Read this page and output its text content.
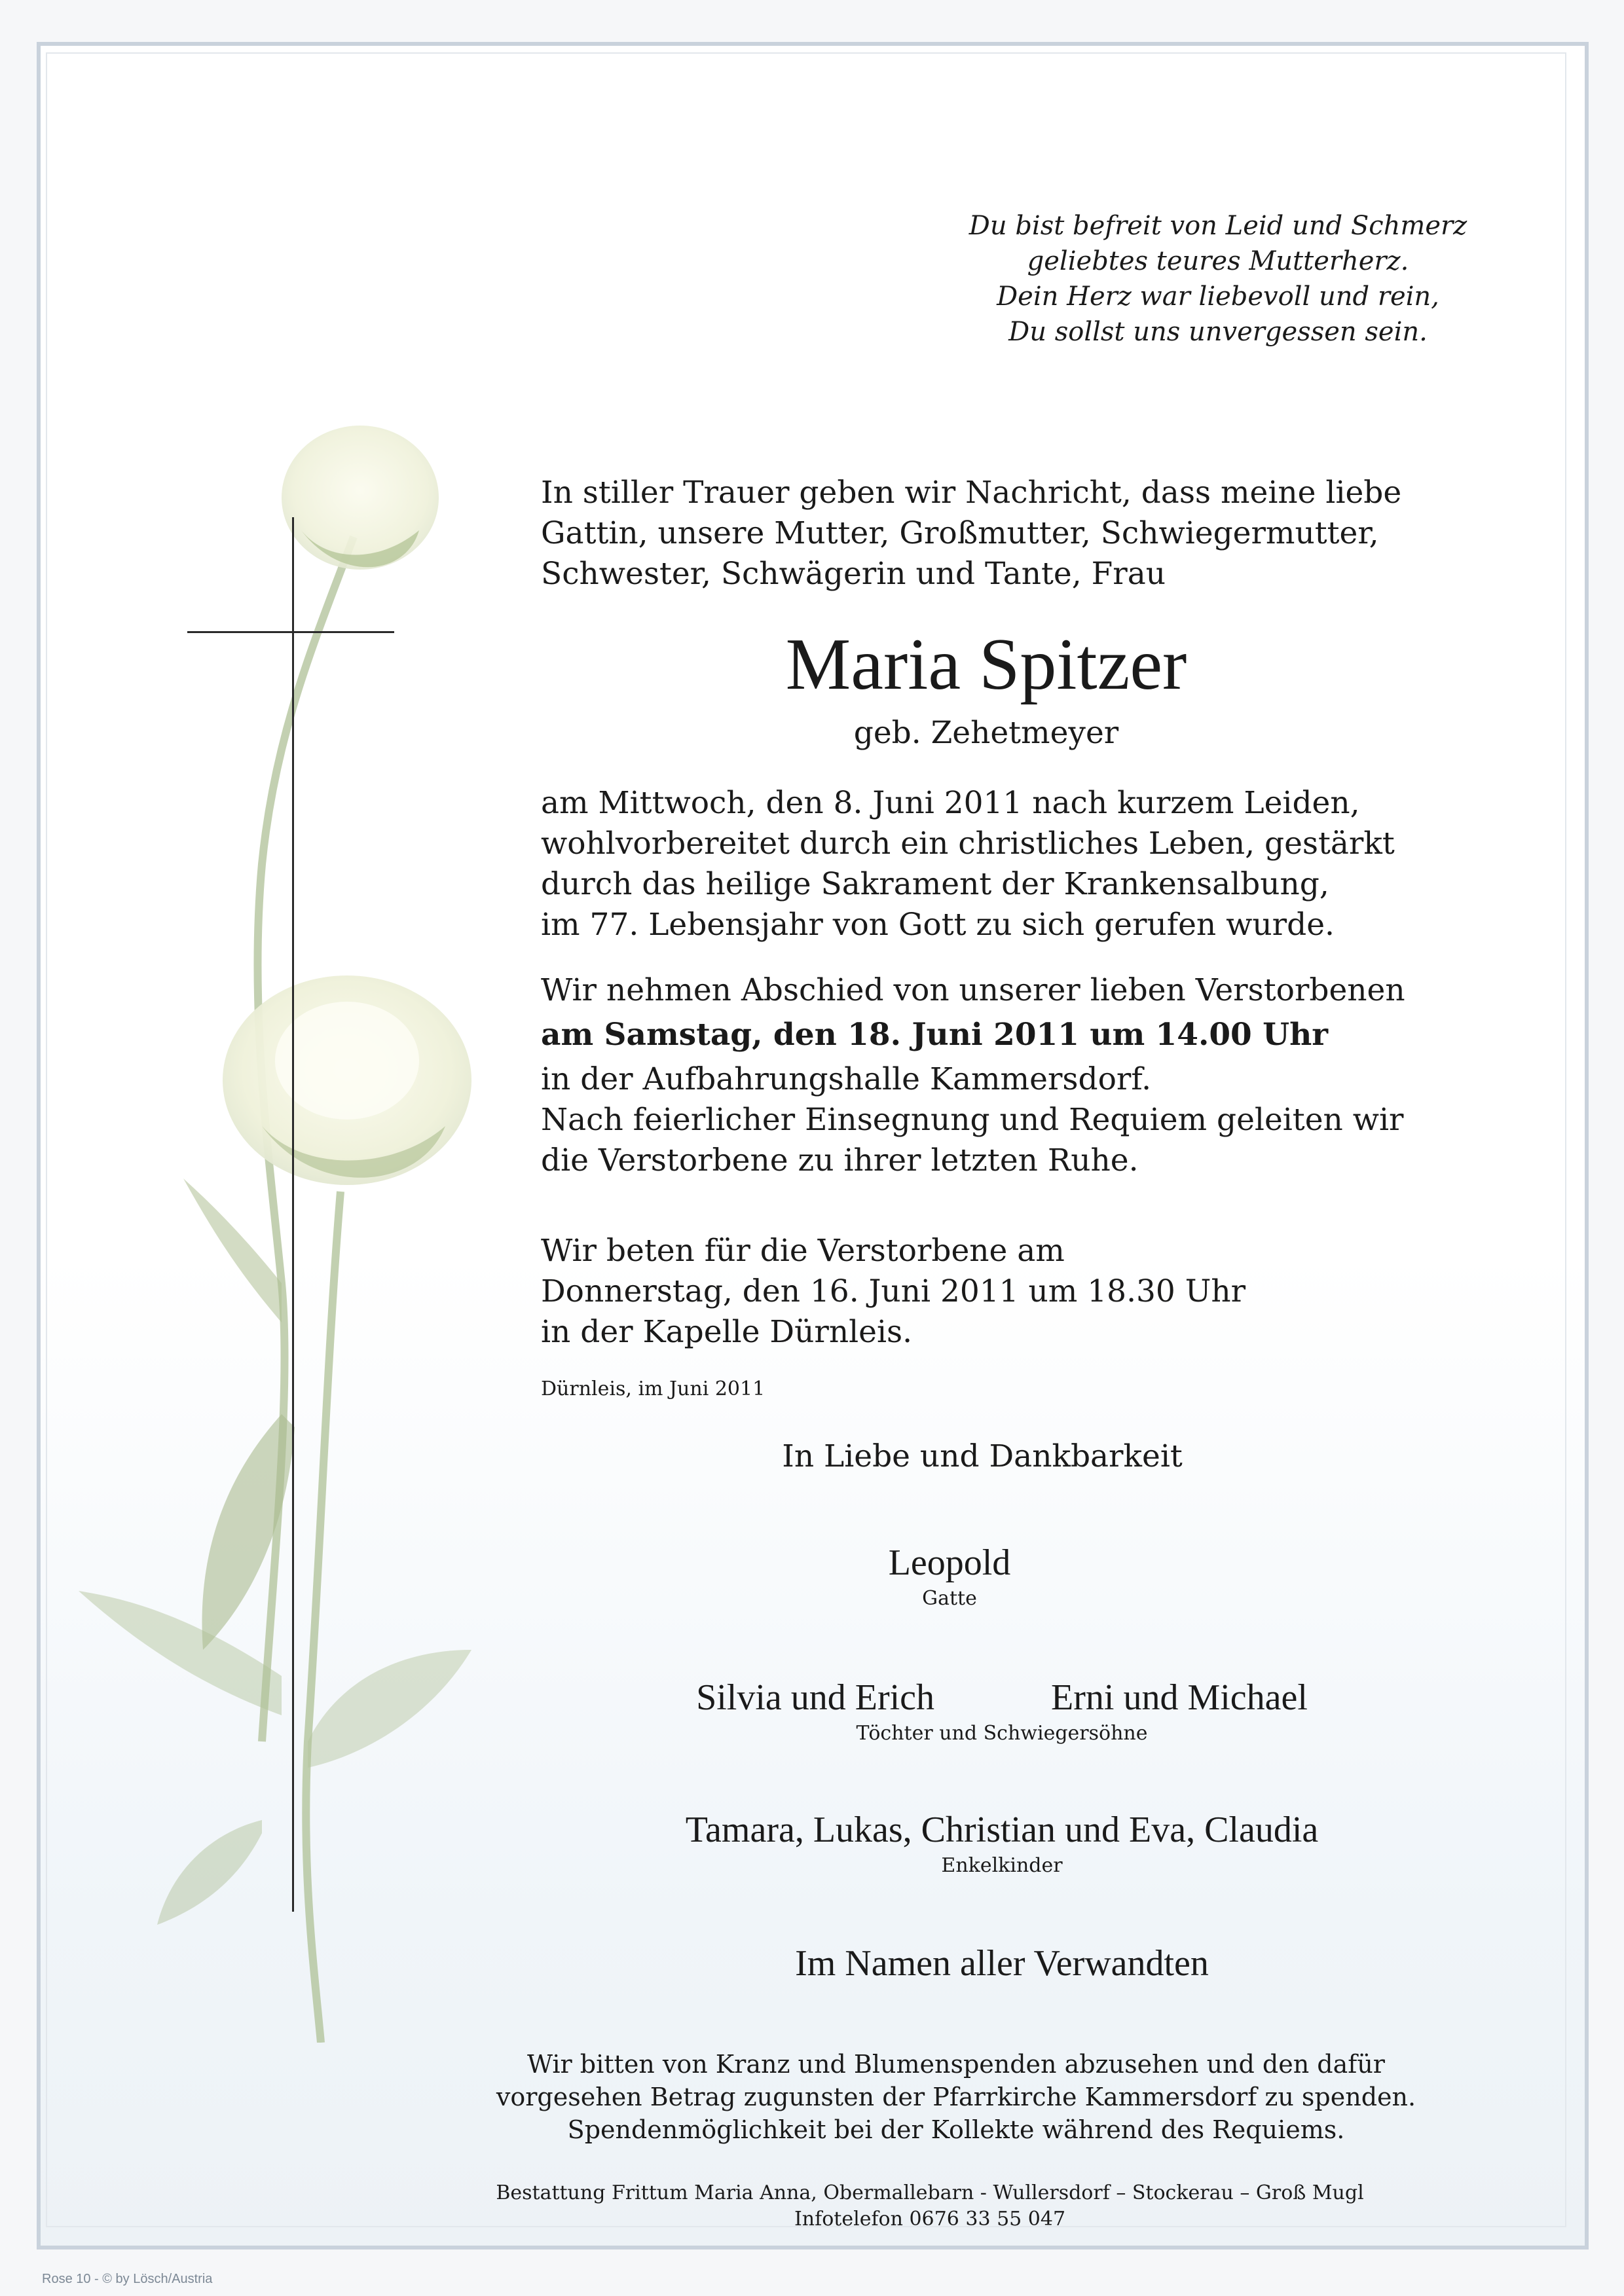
Du bist befreit von Leid und Schmerz
geliebtes teures Mutterherz.
Dein Herz war liebevoll und rein,
Du sollst uns unvergessen sein.
In stiller Trauer geben wir Nachricht, dass meine liebe
Gattin, unsere Mutter, Großmutter, Schwiegermutter,
Schwester, Schwägerin und Tante, Frau
Maria Spitzer
geb. Zehetmeyer
am Mittwoch, den 8. Juni 2011 nach kurzem Leiden,
wohlvorbereitet durch ein christliches Leben, gestärkt
durch das heilige Sakrament der Krankensalbung,
im 77. Lebensjahr von Gott zu sich gerufen wurde.
Wir nehmen Abschied von unserer lieben Verstorbenen
am Samstag, den 18. Juni 2011 um 14.00 Uhr
in der Aufbahrungshalle Kammersdorf.
Nach feierlicher Einsegnung und Requiem geleiten wir
die Verstorbene zu ihrer letzten Ruhe.
Wir beten für die Verstorbene am
Donnerstag, den 16. Juni 2011 um 18.30 Uhr
in der Kapelle Dürnleis.
Dürnleis, im Juni 2011
In Liebe und Dankbarkeit
Leopold
Gatte
Silvia und Erich	Erni und Michael
Töchter und Schwiegersöhne
Tamara, Lukas, Christian und Eva, Claudia
Enkelkinder
Im Namen aller Verwandten
Wir bitten von Kranz und Blumenspenden abzusehen und den dafür
vorgesehen Betrag zugunsten der Pfarrkirche Kammersdorf zu spenden.
Spendenmöglichkeit bei der Kollekte während des Requiems.
Bestattung Frittum Maria Anna, Obermallebarn - Wullersdorf – Stockerau – Groß Mugl
Infotelefon 0676 33 55 047
Rose 10 - © by Lösch/Austria
